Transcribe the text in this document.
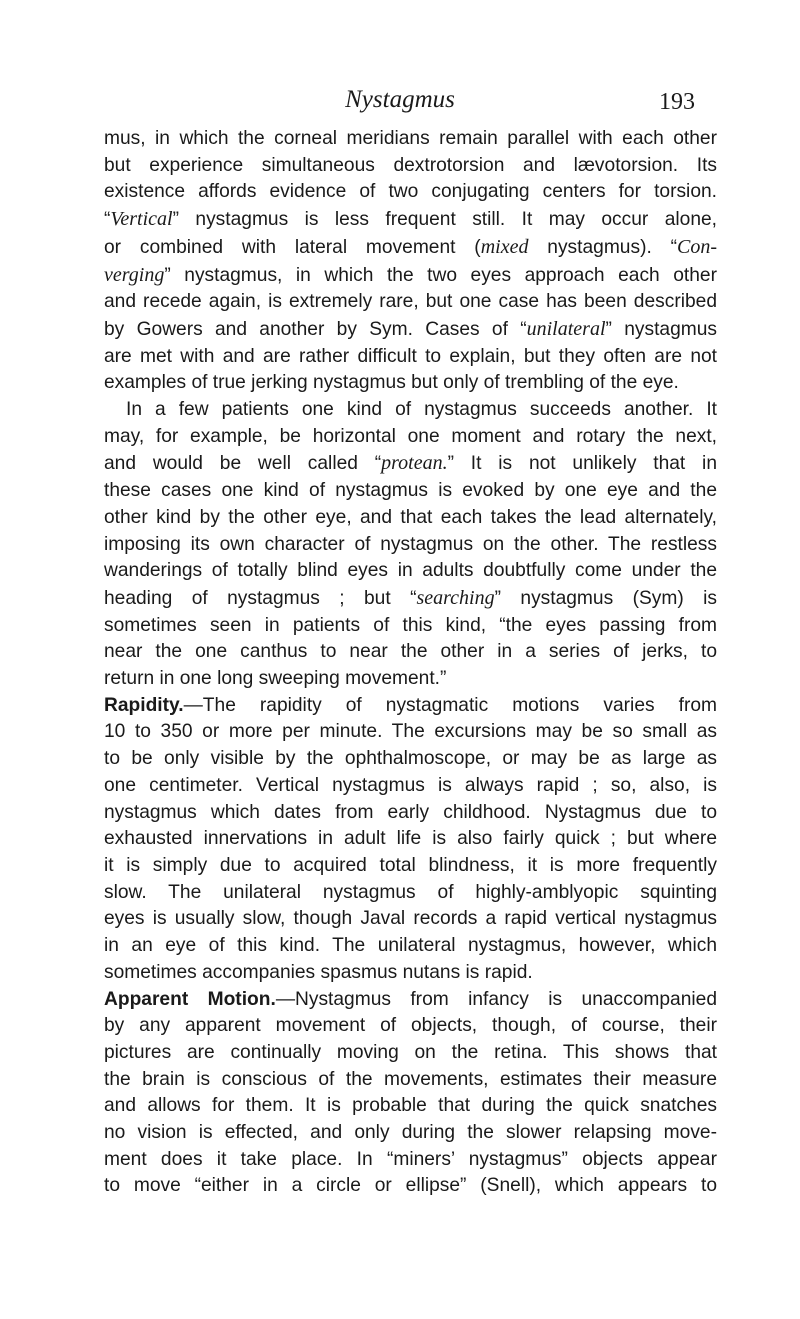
Nystagmus	193
mus, in which the corneal meridians remain parallel with each other
but experience simultaneous dextrotorsion and lævotorsion. Its
existence affords evidence of two conjugating centers for torsion.
“Vertical” nystagmus is less frequent still. It may occur alone,
or combined with lateral movement (mixed nystagmus). “Con-
verging” nystagmus, in which the two eyes approach each other
and recede again, is extremely rare, but one case has been described
by Gowers and another by Sym. Cases of “unilateral” nystagmus
are met with and are rather difficult to explain, but they often are not
examples of true jerking nystagmus but only of trembling of the eye.
In a few patients one kind of nystagmus succeeds another. It
may, for example, be horizontal one moment and rotary the next,
and would be well called “protean.” It is not unlikely that in
these cases one kind of nystagmus is evoked by one eye and the
other kind by the other eye, and that each takes the lead alternately,
imposing its own character of nystagmus on the other. The restless
wanderings of totally blind eyes in adults doubtfully come under the
heading of nystagmus ; but “searching” nystagmus (Sym) is
sometimes seen in patients of this kind, “the eyes passing from
near the one canthus to near the other in a series of jerks, to
return in one long sweeping movement.”
Rapidity.—The rapidity of nystagmatic motions varies from
10 to 350 or more per minute. The excursions may be so small as
to be only visible by the ophthalmoscope, or may be as large as
one centimeter. Vertical nystagmus is always rapid ; so, also, is
nystagmus which dates from early childhood. Nystagmus due to
exhausted innervations in adult life is also fairly quick ; but where
it is simply due to acquired total blindness, it is more frequently
slow. The unilateral nystagmus of highly-amblyopic squinting
eyes is usually slow, though Javal records a rapid vertical nystagmus
in an eye of this kind. The unilateral nystagmus, however, which
sometimes accompanies spasmus nutans is rapid.
Apparent Motion.—Nystagmus from infancy is unaccompanied
by any apparent movement of objects, though, of course, their
pictures are continually moving on the retina. This shows that
the brain is conscious of the movements, estimates their measure
and allows for them. It is probable that during the quick snatches
no vision is effected, and only during the slower relapsing move-
ment does it take place. In “miners’ nystagmus” objects appear
to move “either in a circle or ellipse” (Snell), which appears to
